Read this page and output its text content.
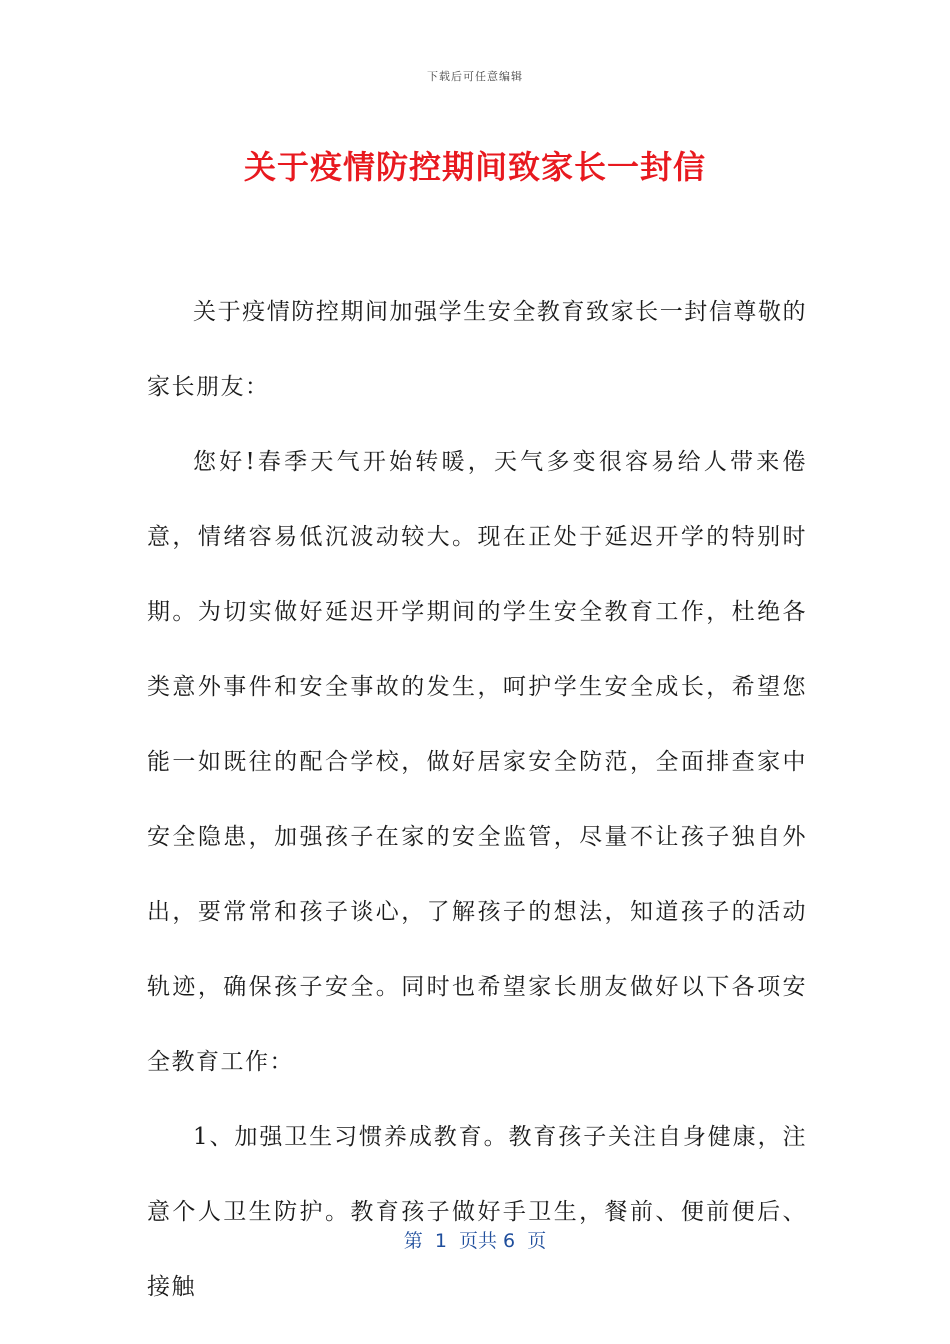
下载后可任意编辑
关于疫情防控期间致家长一封信

关于疫情防控期间加强学生安全教育致家长一封信尊敬的家长朋友：

您好!春季天气开始转暖，天气多变很容易给人带来倦意，情绪容易低沉波动较大。现在正处于延迟开学的特别时期。为切实做好延迟开学期间的学生安全教育工作，杜绝各类意外事件和安全事故的发生，呵护学生安全成长，希望您能一如既往的配合学校，做好居家安全防范，全面排查家中安全隐患，加强孩子在家的安全监管，尽量不让孩子独自外出，要常常和孩子谈心，了解孩子的想法，知道孩子的活动轨迹，确保孩子安全。同时也希望家长朋友做好以下各项安全教育工作：

1、加强卫生习惯养成教育。教育孩子关注自身健康，注意个人卫生防护。教育孩子做好手卫生，餐前、便前便后、接触

第  1  页共 6  页
